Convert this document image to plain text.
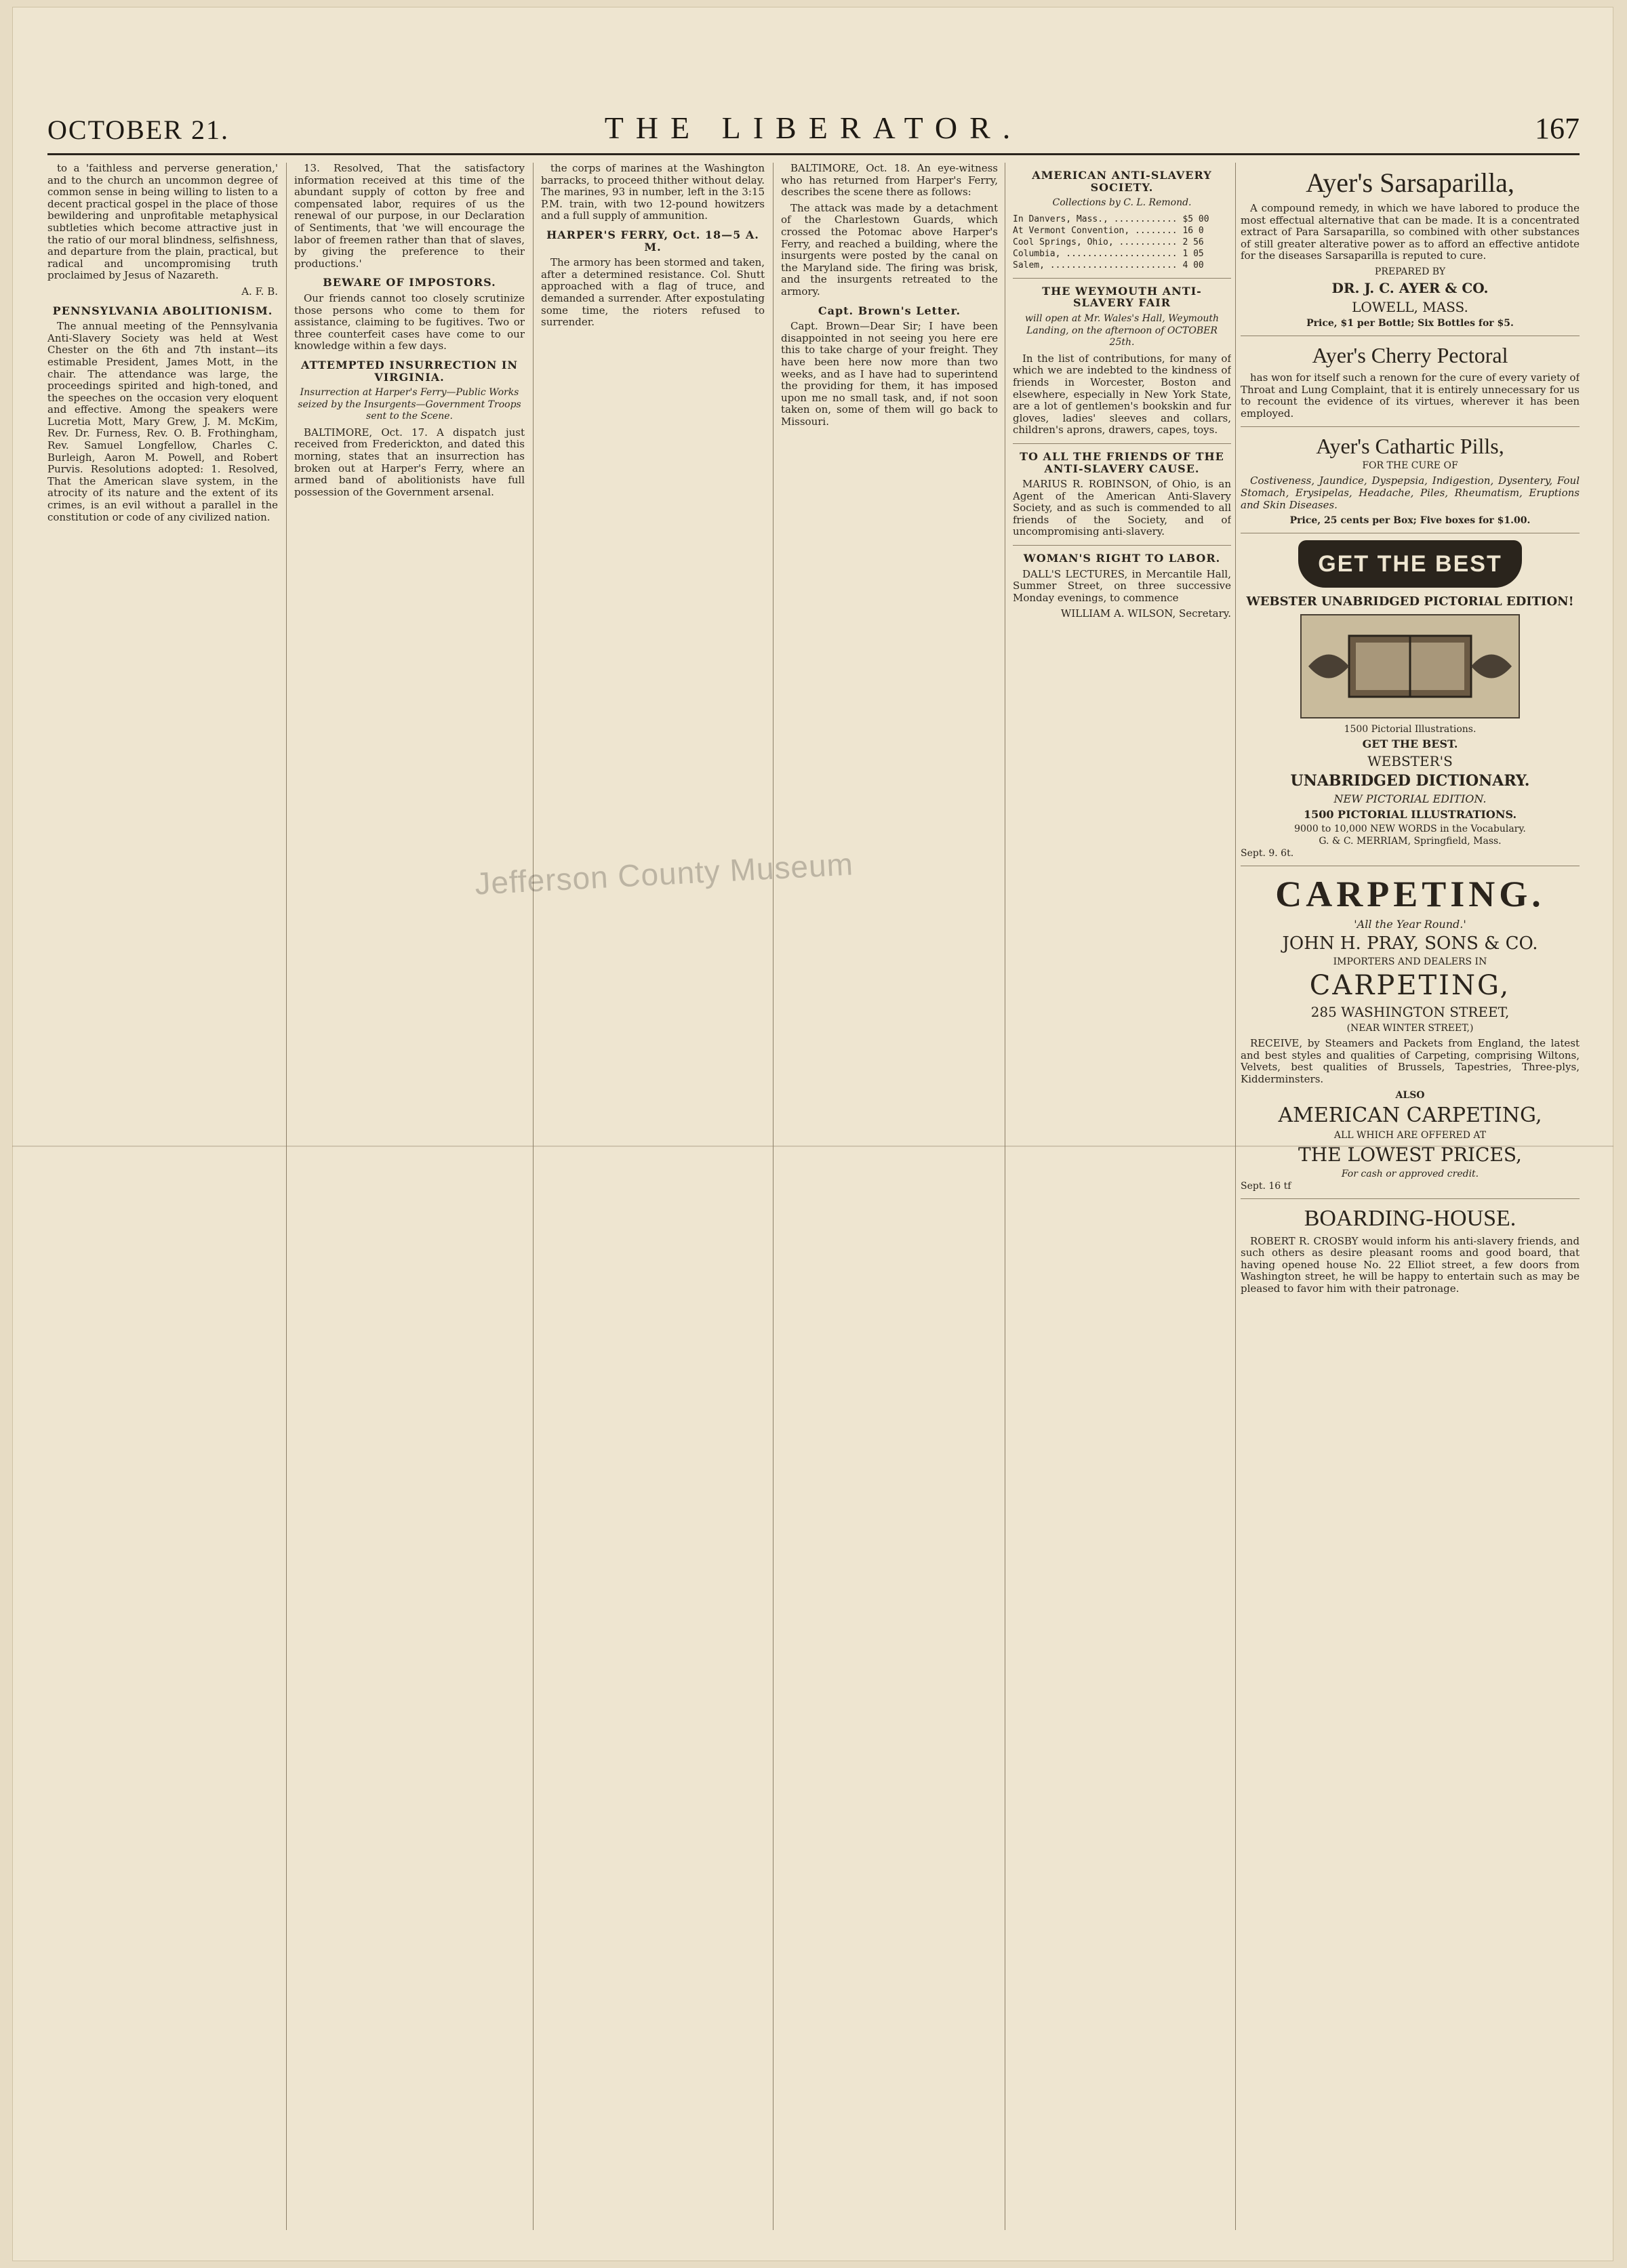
OCTOBER 21.	THE LIBERATOR.	167

to a 'faithless and perverse generation,' and to the church an uncommon degree of common sense in being willing to listen to a decent practical gospel in the place of those bewildering and unprofitable metaphysical subtleties which become attractive just in the ratio of our moral blindness, selfishness, and departure from the plain, practical, but radical and uncompromising truth proclaimed by Jesus of Nazareth.

A. F. B.

PENNSYLVANIA ABOLITIONISM.

The annual meeting of the Pennsylvania Anti-Slavery Society was held at West Chester on the 6th and 7th instant—its estimable President, James Mott, in the chair. The attendance was large, the proceedings spirited and high-toned, and the speeches on the occasion very eloquent and effective. Among the speakers were Lucretia Mott, Mary Grew, J. M. McKim, Rev. Dr. Furness, Rev. O. B. Frothingham, Rev. Samuel Longfellow, Charles C. Burleigh, Aaron M. Powell, and Robert Purvis. Resolutions adopted: 1. Resolved, That the American slave system, in the atrocity of its nature and the extent of its crimes, is an evil without a parallel in the constitution or code of any civilized nation.

13. Resolved, That the satisfactory information received at this time of the abundant supply of cotton by free and compensated labor, requires of us the renewal of our purpose, in our Declaration of Sentiments, that 'we will encourage the labor of freemen rather than that of slaves, by giving the preference to their productions.'

BEWARE OF IMPOSTORS.

Our friends cannot too closely scrutinize those persons who come to them for assistance, claiming to be fugitives. Two or three counterfeit cases have come to our knowledge within a few days.

ATTEMPTED INSURRECTION IN VIRGINIA.

Insurrection at Harper's Ferry—Public Works seized by the Insurgents—Government Troops sent to the Scene.

BALTIMORE, Oct. 17. A dispatch just received from Frederickton, and dated this morning, states that an insurrection has broken out at Harper's Ferry, where an armed band of abolitionists have full possession of the Government arsenal.

the corps of marines at the Washington barracks, to proceed thither without delay. The marines, 93 in number, left in the 3:15 P.M. train, with two 12-pound howitzers and a full supply of ammunition.

HARPER'S FERRY, Oct. 18—5 A. M.

The armory has been stormed and taken, after a determined resistance. Col. Shutt approached with a flag of truce, and demanded a surrender. After expostulating some time, the rioters refused to surrender.

BALTIMORE, Oct. 18. An eye-witness who has returned from Harper's Ferry, describes the scene there as follows:

The attack was made by a detachment of the Charlestown Guards, which crossed the Potomac above Harper's Ferry, and reached a building, where the insurgents were posted by the canal on the Maryland side. The firing was brisk, and the insurgents retreated to the armory.

Capt. Brown's Letter.

Capt. Brown—Dear Sir; I have been disappointed in not seeing you here ere this to take charge of your freight. They have been here now more than two weeks, and as I have had to superintend the providing for them, it has imposed upon me no small task, and, if not soon taken on, some of them will go back to Missouri.

AMERICAN ANTI-SLAVERY SOCIETY.

Collections by C. L. Remond.

In Danvers, Mass., ............ $5 00
At Vermont Convention, ........ 16 0
Cool Springs, Ohio, ........... 2 56
Columbia, ..................... 1 05
Salem, ........................ 4 00

THE WEYMOUTH ANTI-SLAVERY FAIR

will open at Mr. Wales's Hall, Weymouth Landing, on the afternoon of OCTOBER 25th.

In the list of contributions, for many of which we are indebted to the kindness of friends in Worcester, Boston and elsewhere, especially in New York State, are a lot of gentlemen's bookskin and fur gloves, ladies' sleeves and collars, children's aprons, drawers, capes, toys.

TO ALL THE FRIENDS OF THE ANTI-SLAVERY CAUSE.

MARIUS R. ROBINSON, of Ohio, is an Agent of the American Anti-Slavery Society, and as such is commended to all friends of the Society, and of uncompromising anti-slavery.

WOMAN'S RIGHT TO LABOR.

DALL'S LECTURES, in Mercantile Hall, Summer Street, on three successive Monday evenings, to commence

WILLIAM A. WILSON, Secretary.

Ayer's Sarsaparilla,

A compound remedy, in which we have labored to produce the most effectual alternative that can be made. It is a concentrated extract of Para Sarsaparilla, so combined with other substances of still greater alterative power as to afford an effective antidote for the diseases Sarsaparilla is reputed to cure.

PREPARED BY

DR. J. C. AYER & CO.

LOWELL, MASS.

Price, $1 per Bottle; Six Bottles for $5.

Ayer's Cherry Pectoral

has won for itself such a renown for the cure of every variety of Throat and Lung Complaint, that it is entirely unnecessary for us to recount the evidence of its virtues, wherever it has been employed.

Ayer's Cathartic Pills,

FOR THE CURE OF

Costiveness, Jaundice, Dyspepsia, Indigestion, Dysentery, Foul Stomach, Erysipelas, Headache, Piles, Rheumatism, Eruptions and Skin Diseases.

Price, 25 cents per Box; Five boxes for $1.00.

GET THE BEST

WEBSTER UNABRIDGED PICTORIAL EDITION!

1500 Pictorial Illustrations.

GET THE BEST.

WEBSTER'S

UNABRIDGED DICTIONARY.

NEW PICTORIAL EDITION.

1500 PICTORIAL ILLUSTRATIONS.

9000 to 10,000 NEW WORDS in the Vocabulary.

G. & C. MERRIAM, Springfield, Mass.

Sept. 9. 6t.

CARPETING.

'All the Year Round.'

JOHN H. PRAY, SONS & CO.

IMPORTERS AND DEALERS IN

CARPETING,

285 WASHINGTON STREET,

(NEAR WINTER STREET,)

RECEIVE, by Steamers and Packets from England, the latest and best styles and qualities of Carpeting, comprising Wiltons, Velvets, best qualities of Brussels, Tapestries, Three-plys, Kidderminsters.

ALSO

AMERICAN CARPETING,

ALL WHICH ARE OFFERED AT

THE LOWEST PRICES,

For cash or approved credit.

Sept. 16 tf

BOARDING-HOUSE.

ROBERT R. CROSBY would inform his anti-slavery friends, and such others as desire pleasant rooms and good board, that having opened house No. 22 Elliot street, a few doors from Washington street, he will be happy to entertain such as may be pleased to favor him with their patronage.

Jefferson County Museum
